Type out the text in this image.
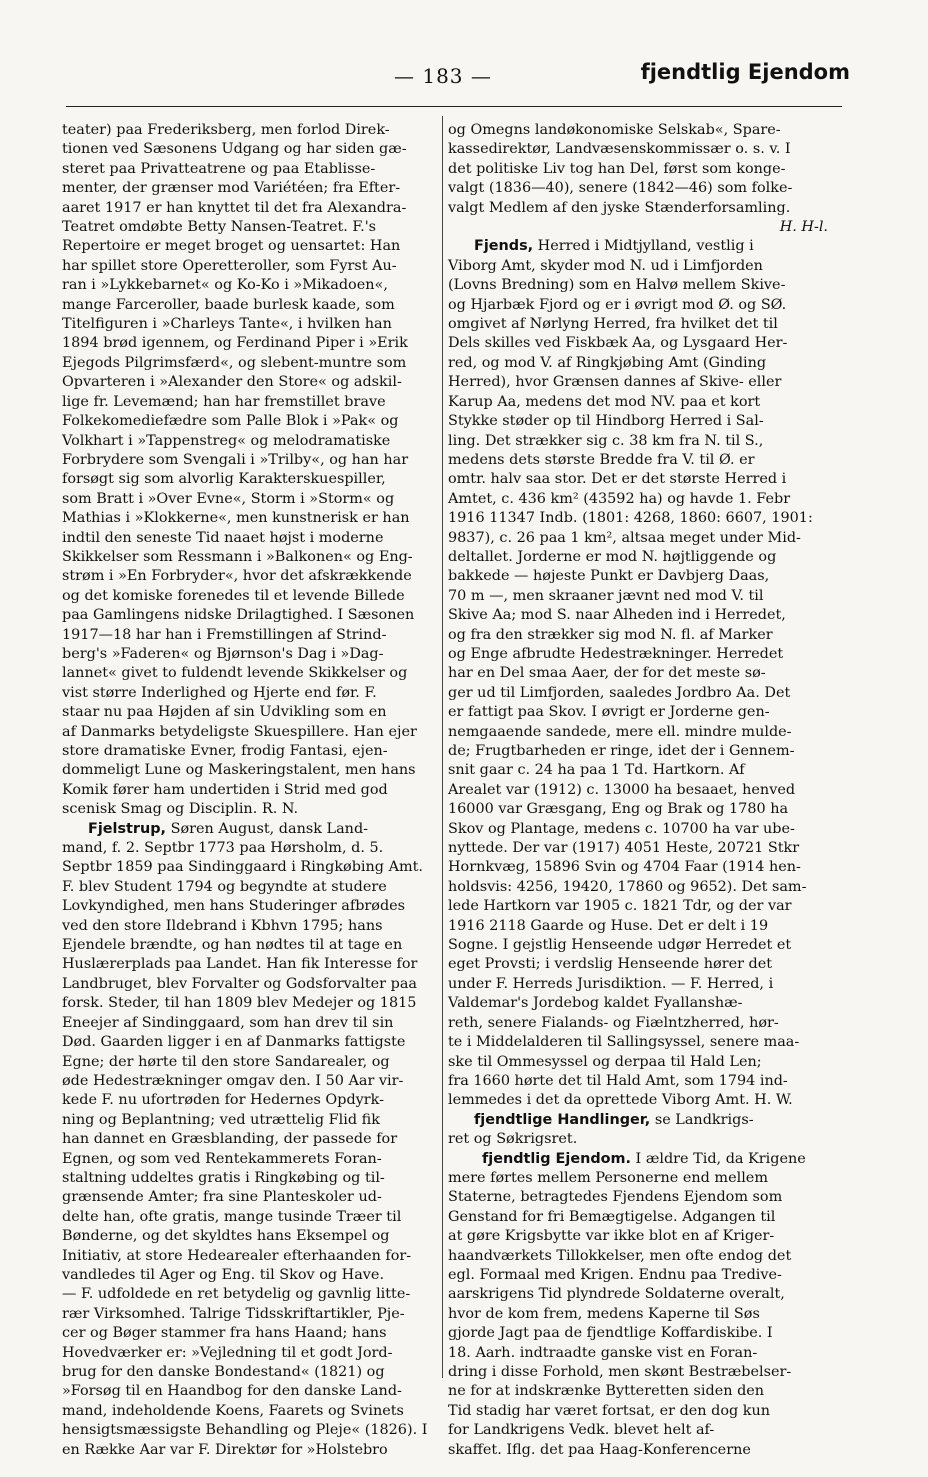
— 183 —	fjendtlig Ejendom
teater) paa Frederiksberg, men forlod Direk-
tionen ved Sæsonens Udgang og har siden gæ-
steret paa Privatteatrene og paa Etablisse-
menter, der grænser mod Variétéen; fra Efter-
aaret 1917 er han knyttet til det fra Alexandra-
Teatret omdøbte Betty Nansen-Teatret. F.'s
Repertoire er meget broget og uensartet: Han
har spillet store Operetteroller, som Fyrst Au-
ran i »Lykkebarnet« og Ko-Ko i »Mikadoen«,
mange Farceroller, baade burlesk kaade, som
Titelfiguren i »Charleys Tante«, i hvilken han
1894 brød igennem, og Ferdinand Piper i »Erik
Ejegods Pilgrimsfærd«, og slebent-muntre som
Opvarteren i »Alexander den Store« og adskil-
lige fr. Levemænd; han har fremstillet brave
Folkekomediefædre som Palle Blok i »Pak« og
Volkhart i »Tappenstreg« og melodramatiske
Forbrydere som Svengali i »Trilby«, og han har
forsøgt sig som alvorlig Karakterskuespiller,
som Bratt i »Over Evne«, Storm i »Storm« og
Mathias i »Klokkerne«, men kunstnerisk er han
indtil den seneste Tid naaet højst i moderne
Skikkelser som Ressmann i »Balkonen« og Eng-
strøm i »En Forbryder«, hvor det afskrækkende
og det komiske forenedes til et levende Billede
paa Gamlingens nidske Drilagtighed. I Sæsonen
1917—18 har han i Fremstillingen af Strind-
berg's »Faderen« og Bjørnson's Dag i »Dag-
lannet« givet to fuldendt levende Skikkelser og
vist større Inderlighed og Hjerte end før. F.
staar nu paa Højden af sin Udvikling som en
af Danmarks betydeligste Skuespillere. Han ejer
store dramatiske Evner, frodig Fantasi, ejen-
dommeligt Lune og Maskeringstalent, men hans
Komik fører ham undertiden i Strid med god
scenisk Smag og Disciplin. R. N.
Fjelstrup, Søren August, dansk Land-
mand, f. 2. Septbr 1773 paa Hørsholm, d. 5.
Septbr 1859 paa Sindinggaard i Ringkøbing Amt.
F. blev Student 1794 og begyndte at studere
Lovkyndighed, men hans Studeringer afbrødes
ved den store Ildebrand i Kbhvn 1795; hans
Ejendele brændte, og han nødtes til at tage en
Huslærerplads paa Landet. Han fik Interesse for
Landbruget, blev Forvalter og Godsforvalter paa
forsk. Steder, til han 1809 blev Medejer og 1815
Eneejer af Sindinggaard, som han drev til sin
Død. Gaarden ligger i en af Danmarks fattigste
Egne; der hørte til den store Sandarealer, og
øde Hedestrækninger omgav den. I 50 Aar vir-
kede F. nu ufortrøden for Hedernes Opdyrk-
ning og Beplantning; ved utrættelig Flid fik
han dannet en Græsblanding, der passede for
Egnen, og som ved Rentekammerets Foran-
staltning uddeltes gratis i Ringkøbing og til-
grænsende Amter; fra sine Planteskoler ud-
delte han, ofte gratis, mange tusinde Træer til
Bønderne, og det skyldtes hans Eksempel og
Initiativ, at store Hedearealer efterhaanden for-
vandledes til Ager og Eng. til Skov og Have.
— F. udfoldede en ret betydelig og gavnlig litte-
rær Virksomhed. Talrige Tidsskriftartikler, Pje-
cer og Bøger stammer fra hans Haand; hans
Hovedværker er: »Vejledning til et godt Jord-
brug for den danske Bondestand« (1821) og
»Forsøg til en Haandbog for den danske Land-
mand, indeholdende Koens, Faarets og Svinets
hensigtsmæssigste Behandling og Pleje« (1826). I
en Række Aar var F. Direktør for »Holstebro
og Omegns landøkonomiske Selskab«, Spare-
kassedirektør, Landvæsenskommissær o. s. v. I
det politiske Liv tog han Del, først som konge-
valgt (1836—40), senere (1842—46) som folke-
valgt Medlem af den jyske Stænderforsamling.
H. H-l.
Fjends, Herred i Midtjylland, vestlig i
Viborg Amt, skyder mod N. ud i Limfjorden
(Lovns Bredning) som en Halvø mellem Skive-
og Hjarbæk Fjord og er i øvrigt mod Ø. og SØ.
omgivet af Nørlyng Herred, fra hvilket det til
Dels skilles ved Fiskbæk Aa, og Lysgaard Her-
red, og mod V. af Ringkjøbing Amt (Ginding
Herred), hvor Grænsen dannes af Skive- eller
Karup Aa, medens det mod NV. paa et kort
Stykke støder op til Hindborg Herred i Sal-
ling. Det strækker sig c. 38 km fra N. til S.,
medens dets største Bredde fra V. til Ø. er
omtr. halv saa stor. Det er det største Herred i
Amtet, c. 436 km² (43592 ha) og havde 1. Febr
1916 11347 Indb. (1801: 4268, 1860: 6607, 1901:
9837), c. 26 paa 1 km², altsaa meget under Mid-
deltallet. Jorderne er mod N. højtliggende og
bakkede — højeste Punkt er Davbjerg Daas,
70 m —, men skraaner jævnt ned mod V. til
Skive Aa; mod S. naar Alheden ind i Herredet,
og fra den strækker sig mod N. fl. af Marker
og Enge afbrudte Hedestrækninger. Herredet
har en Del smaa Aaer, der for det meste sø-
ger ud til Limfjorden, saaledes Jordbro Aa. Det
er fattigt paa Skov. I øvrigt er Jorderne gen-
nemgaaende sandede, mere ell. mindre mulde-
de; Frugtbarheden er ringe, idet der i Gennem-
snit gaar c. 24 ha paa 1 Td. Hartkorn. Af
Arealet var (1912) c. 13000 ha besaaet, henved
16000 var Græsgang, Eng og Brak og 1780 ha
Skov og Plantage, medens c. 10700 ha var ube-
nyttede. Der var (1917) 4051 Heste, 20721 Stkr
Hornkvæg, 15896 Svin og 4704 Faar (1914 hen-
holdsvis: 4256, 19420, 17860 og 9652). Det sam-
lede Hartkorn var 1905 c. 1821 Tdr, og der var
1916 2118 Gaarde og Huse. Det er delt i 19
Sogne. I gejstlig Henseende udgør Herredet et
eget Provsti; i verdslig Henseende hører det
under F. Herreds Jurisdiktion. — F. Herred, i
Valdemar's Jordebog kaldet Fyallanshæ-
reth, senere Fialands- og Fiælntzherred, hør-
te i Middelalderen til Sallingsyssel, senere maa-
ske til Ommesyssel og derpaa til Hald Len;
fra 1660 hørte det til Hald Amt, som 1794 ind-
lemmedes i det da oprettede Viborg Amt. H. W.
fjendtlige Handlinger, se Landkrigs-
ret og Søkrigsret.
fjendtlig Ejendom. I ældre Tid, da Krigene
mere førtes mellem Personerne end mellem
Staterne, betragtedes Fjendens Ejendom som
Genstand for fri Bemægtigelse. Adgangen til
at gøre Krigsbytte var ikke blot en af Kriger-
haandværkets Tillokkelser, men ofte endog det
egl. Formaal med Krigen. Endnu paa Tredive-
aarskrigens Tid plyndrede Soldaterne overalt,
hvor de kom frem, medens Kaperne til Søs
gjorde Jagt paa de fjendtlige Koffardiskibe. I
18. Aarh. indtraadte ganske vist en Foran-
dring i disse Forhold, men skønt Bestræbelser-
ne for at indskrænke Bytteretten siden den
Tid stadig har været fortsat, er den dog kun
for Landkrigens Vedk. blevet helt af-
skaffet. Iflg. det paa Haag-Konferencerne
